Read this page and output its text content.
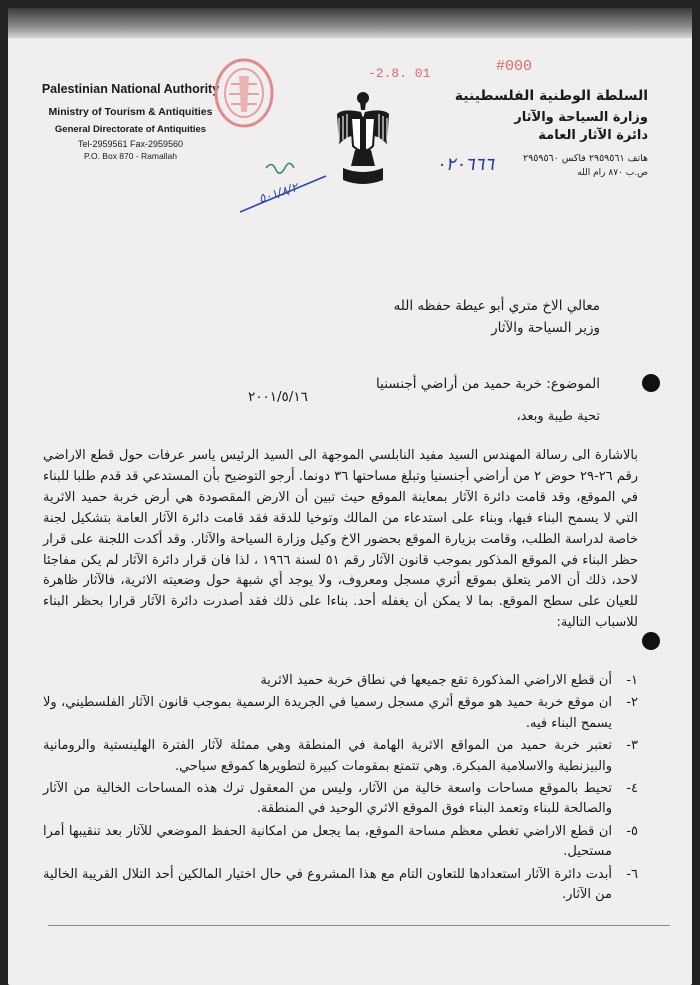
Palestinian National Authority
Ministry of Tourism & Antiquities
General Directorate of Antiquities
Tel-2959561 Fax-2959560
P.O. Box 870 - Ramallah
السلطة الوطنية الفلسطينية
وزارة السياحة والآثار
دائرة الآثار العامة
هاتف ٢٩٥٩٥٦١ فاكس ٢٩٥٩٥٦٠
ص.ب ٨٧٠ رام الله
-2.8. 01	#000
٠٢٠٦٦٦
٥٠١/٨/٢
معالي الاخ متري أبو عيطة حفظه الله
وزير السياحة والآثار
الموضوع: خربة حميد من أراضي أجنسنيا
٢٠٠١/٥/١٦
تحية طيبة وبعد،

بالاشارة الى رسالة المهندس السيد مفيد النابلسي الموجهة الى السيد الرئيس ياسر عرفات حول قطع الاراضي رقم ٢٦-٢٩ حوض ٢ من أراضي أجنسنيا وتبلغ مساحتها ٣٦ دونما. أرجو التوضيح بأن المستدعي قد قدم طلبا للبناء في الموقع، وقد قامت دائرة الآثار بمعاينة الموقع حيث تبين أن الارض المقصودة هي أرض خربة حميد الاثرية التي لا يسمح البناء فيها، وبناء على استدعاء من المالك وتوخيا للدقة فقد قامت دائرة الآثار العامة بتشكيل لجنة خاصة لدراسة الطلب، وقامت بزيارة الموقع بحضور الاخ وكيل وزارة السياحة والآثار. وقد أكدت اللجنة على قرار حظر البناء في الموقع المذكور بموجب قانون الآثار رقم ٥١ لسنة ١٩٦٦ ، لذا فان قرار دائرة الآثار لم يكن مفاجئا لاحد، ذلك أن الامر يتعلق بموقع أثري مسجل ومعروف، ولا يوجد أي شبهة حول وضعيته الاثرية، فالآثار ظاهرة للعيان على سطح الموقع. بما لا يمكن أن يغفله أحد. بناءا على ذلك فقد أصدرت دائرة الآثار قرارا بحظر البناء للاسباب التالية:

١-
أن قطع الاراضي المذكورة تقع جميعها في نطاق خربة حميد الاثرية
٢-
ان موقع خربة حميد هو موقع أثري مسجل رسميا في الجريدة الرسمية بموجب قانون الآثار الفلسطيني، ولا يسمح البناء فيه.
٣-
تعتبر خربة حميد من المواقع الاثرية الهامة في المنطقة وهي ممثلة لآثار الفترة الهلينستية والرومانية والبيزنطية والاسلامية المبكرة. وهي تتمتع بمقومات كبيرة لتطويرها كموقع سياحي.
٤-
تحيط بالموقع مساحات واسعة خالية من الآثار، وليس من المعقول ترك هذه المساحات الخالية من الآثار والصالحة للبناء وتعمد البناء فوق الموقع الاثري الوحيد في المنطقة.
٥-
ان قطع الاراضي تغطي معظم مساحة الموقع، بما يجعل من امكانية الحفظ الموضعي للآثار بعد تنقيبها أمرا مستحيل.
٦-
أبدت دائرة الآثار استعدادها للتعاون التام مع هذا المشروع في حال اختيار المالكين أحد التلال القريبة الخالية من الآثار.
